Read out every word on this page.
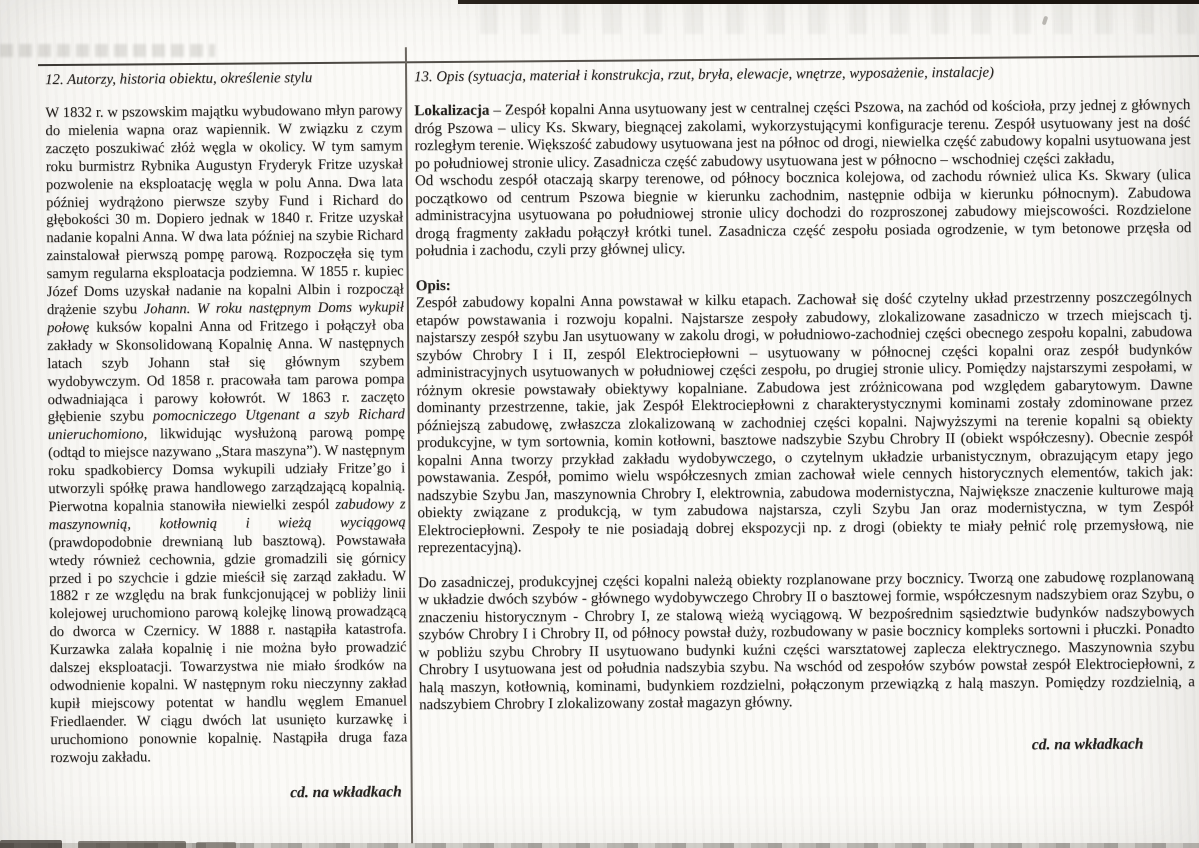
12. Autorzy, historia obiektu, określenie stylu
W 1832 r. w pszowskim majątku wybudowano młyn parowy do mielenia wapna oraz wapiennik. W związku z czym zaczęto poszukiwać złóż węgla w okolicy. W tym samym roku burmistrz Rybnika Augustyn Fryderyk Fritze uzyskał pozwolenie na eksploatację węgla w polu Anna. Dwa lata później wydrążono pierwsze szyby Fund i Richard do głębokości 30 m. Dopiero jednak w 1840 r. Fritze uzyskał nadanie kopalni Anna. W dwa lata później na szybie Richard zainstalował pierwszą pompę parową. Rozpoczęła się tym samym regularna eksploatacja podziemna. W 1855 r. kupiec Józef Doms uzyskał nadanie na kopalni Albin i rozpoczął drążenie szybu Johann. W roku następnym Doms wykupił połowę kuksów kopalni Anna od Fritzego i połączył oba zakłady w Skonsolidowaną Kopalnię Anna. W następnych latach szyb Johann stał się głównym szybem wydobywczym. Od 1858 r. pracowała tam parowa pompa odwadniająca i parowy kołowrót. W 1863 r. zaczęto głębienie szybu pomocniczego Utgenant a szyb Richard unieruchomiono, likwidując wysłużoną parową pompę (odtąd to miejsce nazywano „Stara maszyna”). W następnym roku spadkobiercy Domsa wykupili udziały Fritze’go i utworzyli spółkę prawa handlowego zarządzającą kopalnią. Pierwotna kopalnia stanowiła niewielki zespól zabudowy z maszynownią, kotłownią i wieżą wyciągową (prawdopodobnie drewnianą lub basztową). Powstawała wtedy również cechownia, gdzie gromadzili się górnicy przed i po szychcie i gdzie mieścił się zarząd zakładu. W 1882 r ze względu na brak funkcjonującej w pobliży linii kolejowej uruchomiono parową kolejkę linową prowadzącą do dworca w Czernicy. W 1888 r. nastąpiła katastrofa. Kurzawka zalała kopalnię i nie można było prowadzić dalszej eksploatacji. Towarzystwa nie miało środków na odwodnienie kopalni. W następnym roku nieczynny zakład kupił miejscowy potentat w handlu węglem Emanuel Friedlaender. W ciągu dwóch lat usunięto kurzawkę i uruchomiono ponownie kopalnię. Nastąpiła druga faza rozwoju zakładu.
cd. na wkładkach
13. Opis (sytuacja, materiał i konstrukcja, rzut, bryła, elewacje, wnętrze, wyposażenie, instalacje)
Lokalizacja – Zespół kopalni Anna usytuowany jest w centralnej części Pszowa, na zachód od kościoła, przy jednej z głównych dróg Pszowa – ulicy Ks. Skwary, biegnącej zakolami, wykorzystującymi konfiguracje terenu. Zespół usytuowany jest na dość rozległym terenie. Większość zabudowy usytuowana jest na północ od drogi, niewielka część zabudowy kopalni usytuowana jest po południowej stronie ulicy. Zasadnicza część zabudowy usytuowana jest w północno – wschodniej części zakładu,
Od wschodu zespół otaczają skarpy terenowe, od północy bocznica kolejowa, od zachodu również ulica Ks. Skwary (ulica początkowo od centrum Pszowa biegnie w kierunku zachodnim, następnie odbija w kierunku północnym). Zabudowa administracyjna usytuowana po południowej stronie ulicy dochodzi do rozproszonej zabudowy miejscowości. Rozdzielone drogą fragmenty zakładu połączył krótki tunel. Zasadnicza część zespołu posiada ogrodzenie, w tym betonowe przęsła od południa i zachodu, czyli przy głównej ulicy.
Opis:
Zespół zabudowy kopalni Anna powstawał w kilku etapach. Zachował się dość czytelny układ przestrzenny poszczególnych etapów powstawania i rozwoju kopalni. Najstarsze zespoły zabudowy, zlokalizowane zasadniczo w trzech miejscach tj. najstarszy zespół szybu Jan usytuowany w zakolu drogi, w południowo-zachodniej części obecnego zespołu kopalni, zabudowa szybów Chrobry I i II, zespól Elektrociepłowni – usytuowany w północnej części kopalni oraz zespół budynków administracyjnych usytuowanych w południowej części zespołu, po drugiej stronie ulicy. Pomiędzy najstarszymi zespołami, w różnym okresie powstawały obiektywy kopalniane. Zabudowa jest zróżnicowana pod względem gabarytowym. Dawne dominanty przestrzenne, takie, jak Zespół Elektrociepłowni z charakterystycznymi kominami zostały zdominowane przez późniejszą zabudowę, zwłaszcza zlokalizowaną w zachodniej części kopalni. Najwyższymi na terenie kopalni są obiekty produkcyjne, w tym sortownia, komin kotłowni, basztowe nadszybie Szybu Chrobry II (obiekt współczesny). Obecnie zespół kopalni Anna tworzy przykład zakładu wydobywczego, o czytelnym układzie urbanistycznym, obrazującym etapy jego powstawania. Zespół, pomimo wielu współczesnych zmian zachował wiele cennych historycznych elementów, takich jak: nadszybie Szybu Jan, maszynownia Chrobry I, elektrownia, zabudowa modernistyczna, Największe znaczenie kulturowe mają obiekty związane z produkcją, w tym zabudowa najstarsza, czyli Szybu Jan oraz modernistyczna, w tym Zespół Elektrociepłowni. Zespoły te nie posiadają dobrej ekspozycji np. z drogi (obiekty te miały pełnić rolę przemysłową, nie reprezentacyjną).
Do zasadniczej, produkcyjnej części kopalni należą obiekty rozplanowane przy bocznicy. Tworzą one zabudowę rozplanowaną w układzie dwóch szybów - głównego wydobywczego Chrobry II o basztowej formie, współczesnym nadszybiem oraz Szybu, o znaczeniu historycznym - Chrobry I, ze stalową wieżą wyciągową. W bezpośrednim sąsiedztwie budynków nadszybowych szybów Chrobry I i Chrobry II, od północy powstał duży, rozbudowany w pasie bocznicy kompleks sortowni i płuczki. Ponadto w pobliżu szybu Chrobry II usytuowano budynki kuźni części warsztatowej zaplecza elektrycznego. Maszynownia szybu Chrobry I usytuowana jest od południa nadszybia szybu. Na wschód od zespołów szybów powstał zespół Elektrociepłowni, z halą maszyn, kotłownią, kominami, budynkiem rozdzielni, połączonym przewiązką z halą maszyn. Pomiędzy rozdzielnią, a nadszybiem Chrobry I zlokalizowany został magazyn główny.
cd. na wkładkach
